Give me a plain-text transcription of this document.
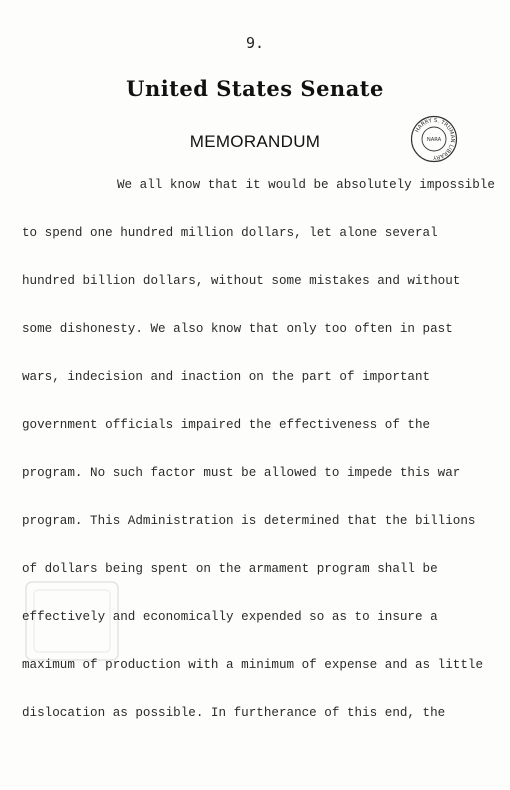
9.
United States Senate
MEMORANDUM
HARRY S. TRUMAN LIBRARY
NARA
We all know that it would be absolutely impossible
to spend one hundred million dollars, let alone several
hundred billion dollars, without some mistakes and without
some dishonesty. We also know that only too often in past
wars, indecision and inaction on the part of important
government officials impaired the effectiveness of the
program. No such factor must be allowed to impede this war
program. This Administration is determined that the billions
of dollars being spent on the armament program shall be
effectively and economically expended so as to insure a
maximum of production with a minimum of expense and as little
dislocation as possible. In furtherance of this end, the
